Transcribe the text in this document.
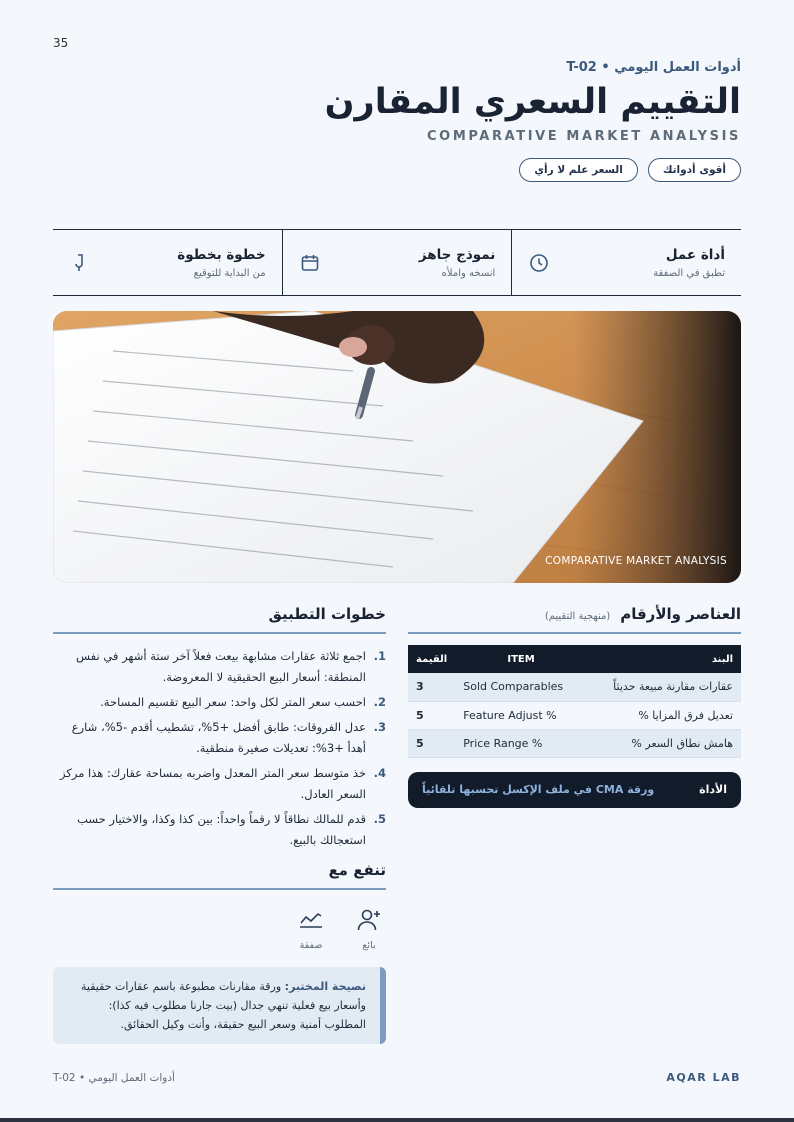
35
أدوات العمل اليومي • T-02
التقييم السعري المقارن
COMPARATIVE MARKET ANALYSIS
أقوى أدواتك
السعر علم لا رأي
أداة عمل
تطبق في الصفقة
نموذج جاهز
انسخه واملأه
خطوة بخطوة
من البداية للتوقيع
COMPARATIVE MARKET ANALYSIS
خطوات التطبيق
1.
اجمع ثلاثة عقارات مشابهة بيعت فعلاً آخر ستة أشهر في نفس المنطقة: أسعار البيع الحقيقية لا المعروضة.
2.
احسب سعر المتر لكل واحد: سعر البيع تقسيم المساحة.
3.
عدل الفروقات: طابق أفضل +5%، تشطيب أقدم -5%، شارع أهدأ +3%: تعديلات صغيرة منطقية.
4.
خذ متوسط سعر المتر المعدل واضربه بمساحة عقارك: هذا مركز السعر العادل.
5.
قدم للمالك نطاقاً لا رقماً واحداً: بين كذا وكذا، والاختيار حسب استعجالك بالبيع.
تنفع مع
بائع
صفقة
نصيحة المختبر: ورقة مقارنات مطبوعة باسم عقارات حقيقية وأسعار بيع فعلية تنهي جدال (بيت جارنا مطلوب فيه كذا): المطلوب أمنية وسعر البيع حقيقة، وأنت وكيل الحقائق.
العناصر والأرقام
(منهجية التقييم)
البند	ITEM	القيمة
عقارات مقارنة مبيعة حديثاً	Sold Comparables	3
تعديل فرق المزايا %	Feature Adjust %	5
هامش نطاق السعر %	Price Range %	5
الأداة
ورقة CMA في ملف الإكسل تحسبها تلقائياً
أدوات العمل اليومي • T-02	AQAR LAB
